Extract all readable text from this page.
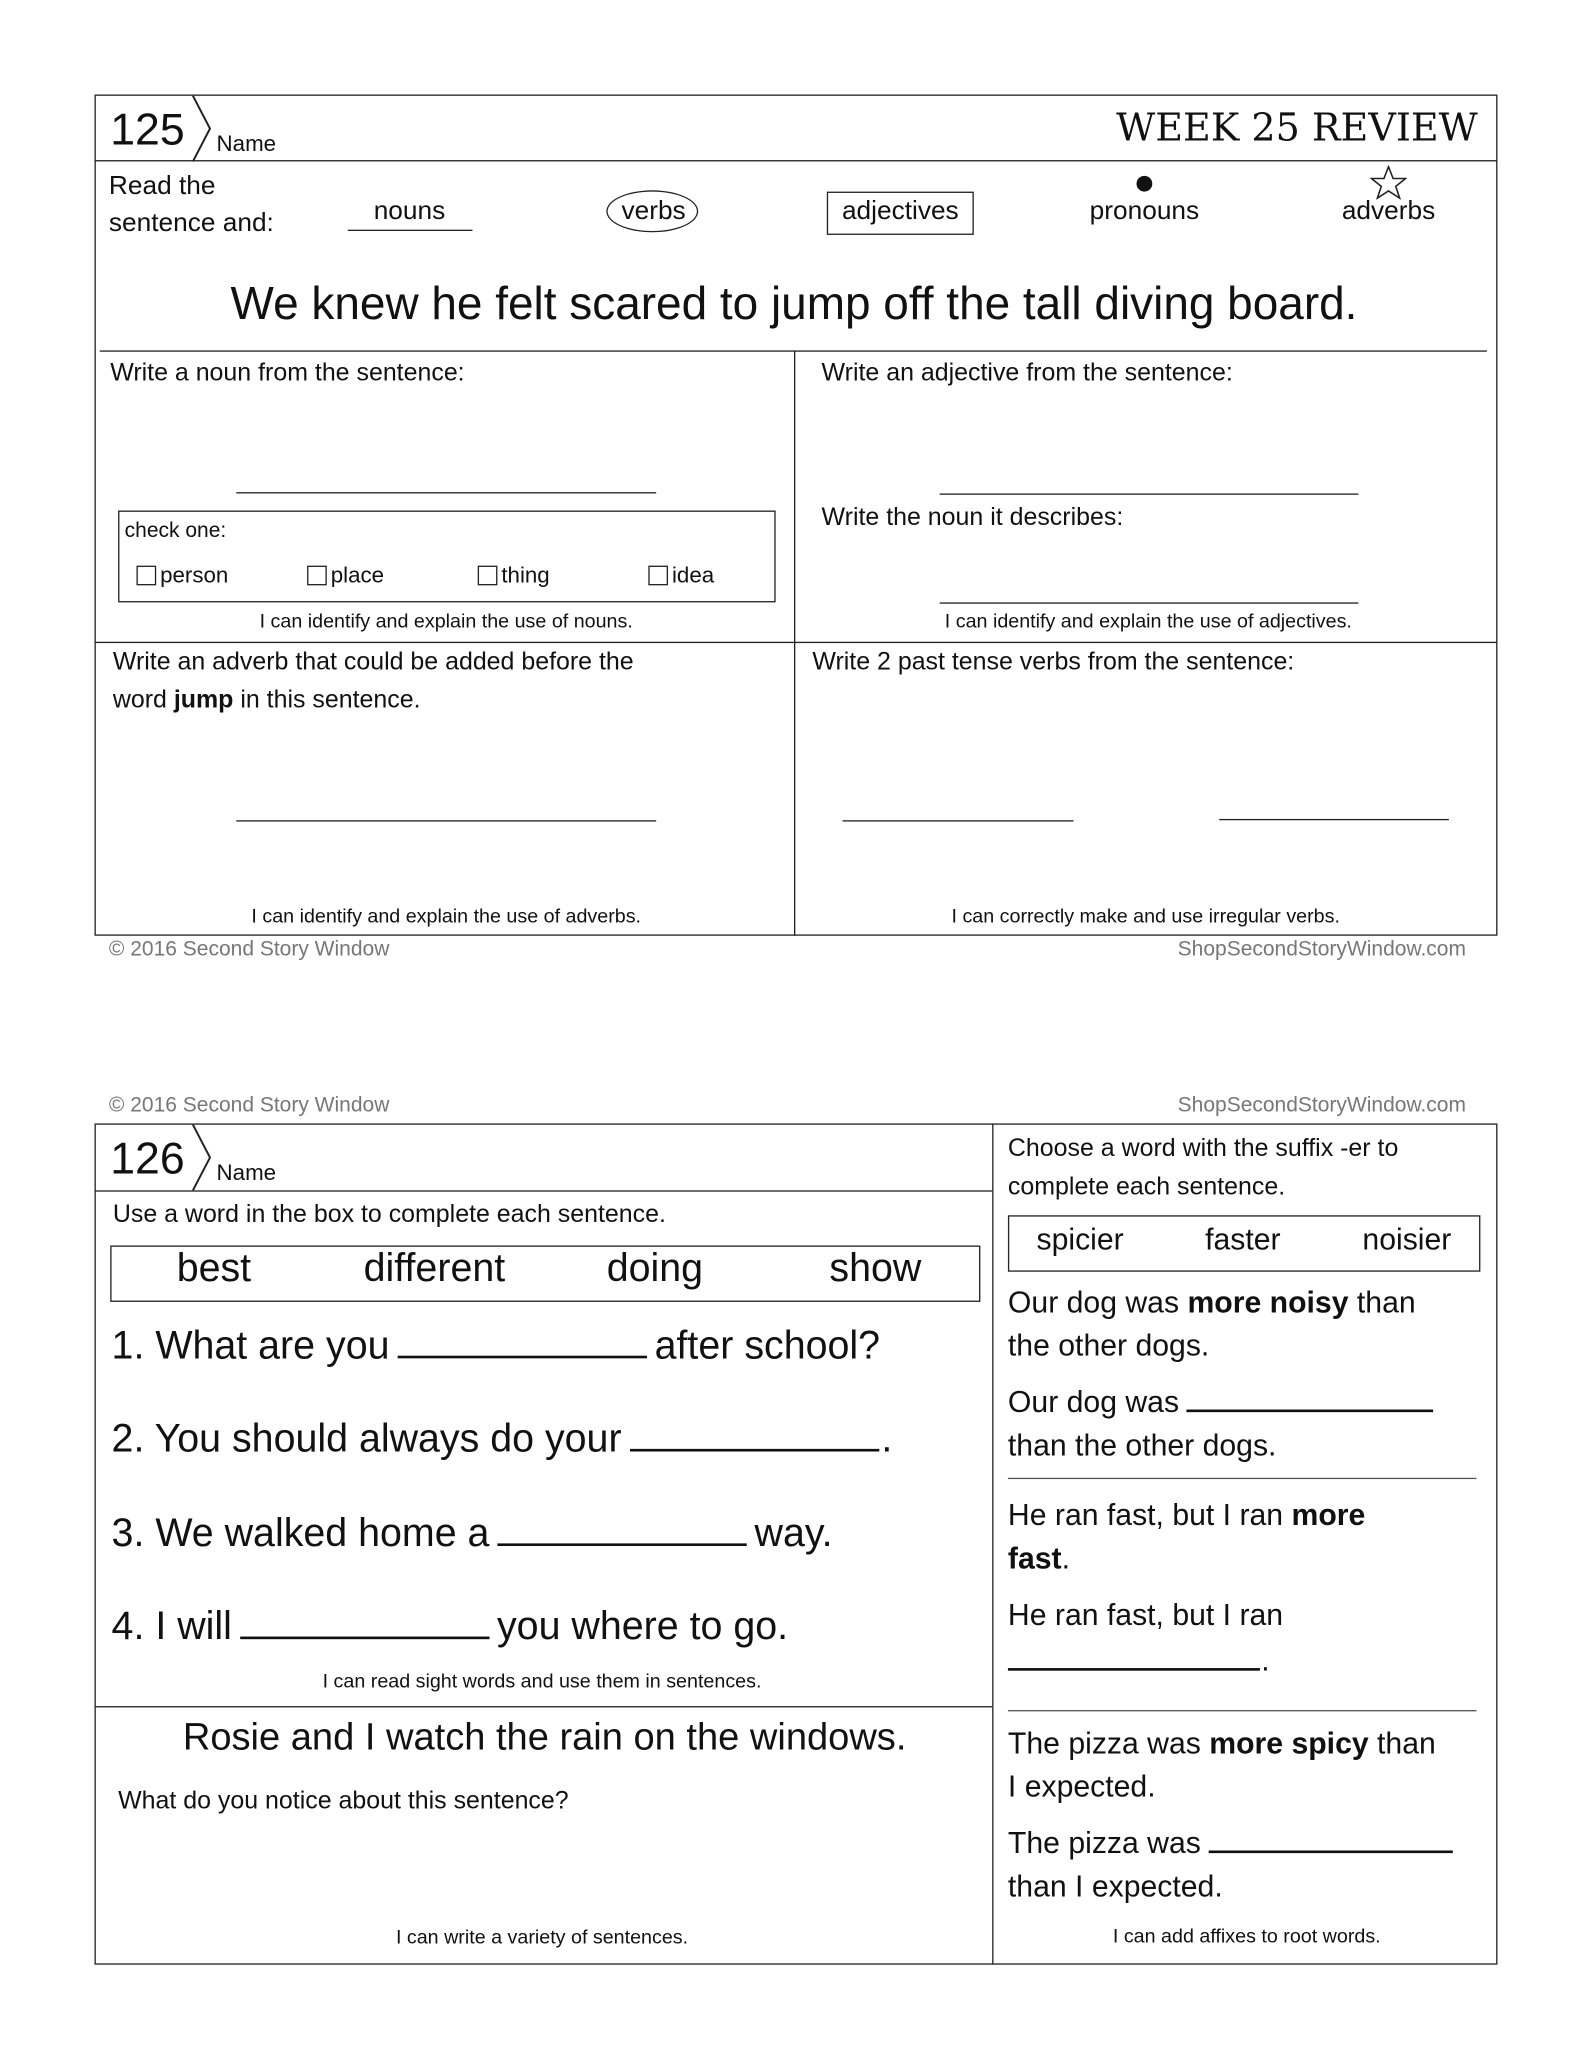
125 Name	WEEK 25 REVIEW
Read the
sentence and:	nouns	verbs	adjectives	pronouns	adverbs
We knew he felt scared to jump off the tall diving board.
Write a noun from the sentence:
check one:
person	place	thing	idea
I can identify and explain the use of nouns.
Write an adjective from the sentence:
Write the noun it describes:
I can identify and explain the use of adjectives.
Write an adverb that could be added before the
word jump in this sentence.
I can identify and explain the use of adverbs.
Write 2 past tense verbs from the sentence:
I can correctly make and use irregular verbs.
© 2016 Second Story Window	ShopSecondStoryWindow.com
© 2016 Second Story Window	ShopSecondStoryWindow.com
126 Name
Use a word in the box to complete each sentence.
best	different	doing	show
1. What are you	after school?
2. You should always do your	.
3. We walked home a	way.
4. I will	you where to go.
I can read sight words and use them in sentences.
Rosie and I watch the rain on the windows.
What do you notice about this sentence?
I can write a variety of sentences.
Choose a word with the suffix -er to
complete each sentence.
spicier	faster	noisier
Our dog was more noisy than
the other dogs.
Our dog was
than the other dogs.
He ran fast, but I ran more
fast.
He ran fast, but I ran
.
The pizza was more spicy than
I expected.
The pizza was
than I expected.
I can add affixes to root words.
